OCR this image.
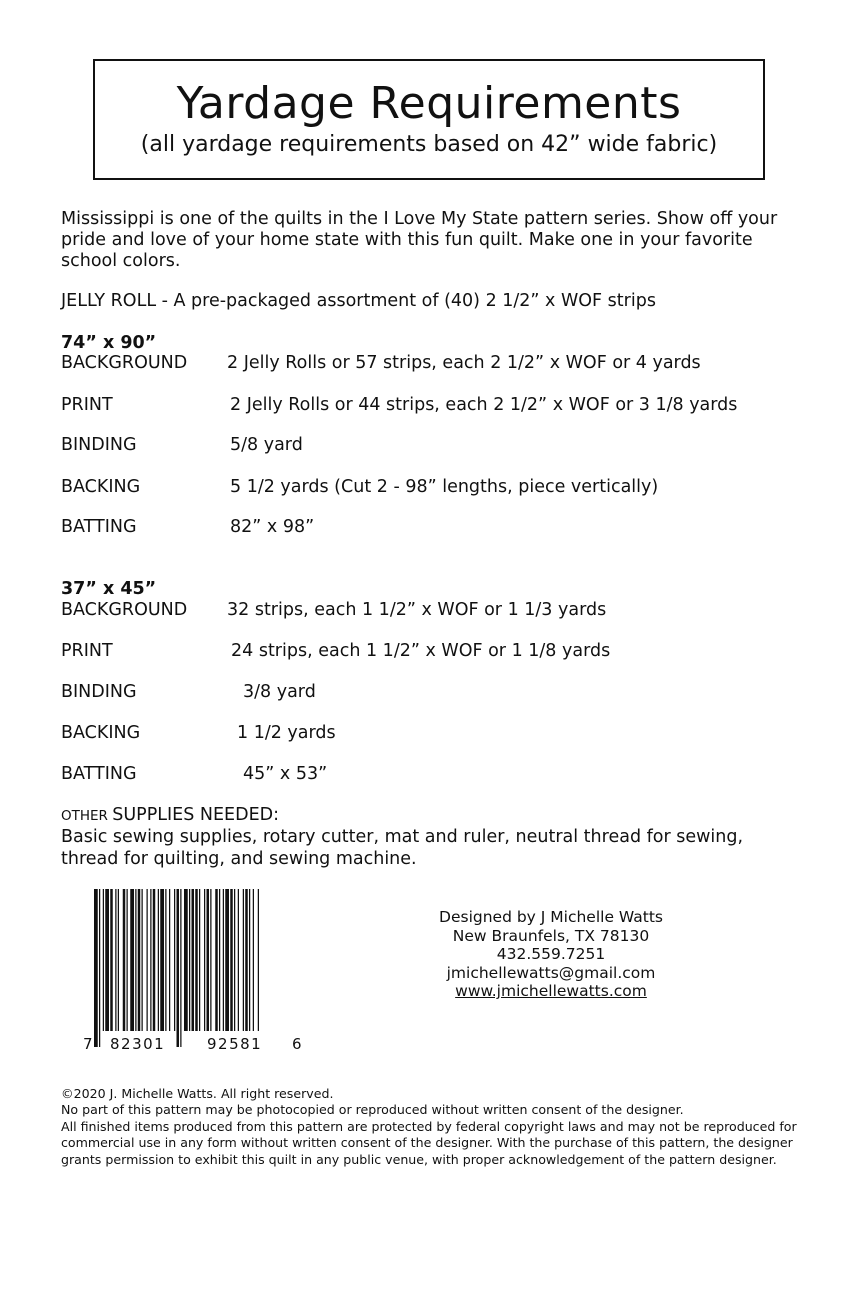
Yardage Requirements
(all yardage requirements based on 42” wide fabric)
Mississippi is one of the quilts in the I Love My State pattern series. Show off your pride and love of your home state with this fun quilt. Make one in your favorite school colors.
JELLY ROLL - A pre-packaged assortment of (40) 2 1/2” x WOF strips
74” x 90”
BACKGROUND 2 Jelly Rolls or 57 strips, each 2 1/2” x WOF or 4 yards
PRINT	2 Jelly Rolls or 44 strips, each 2 1/2” x WOF or 3 1/8 yards
BINDING	5/8 yard
BACKING	5 1/2 yards (Cut 2 - 98” lengths, piece vertically)
BATTING	82” x 98”
37” x 45”
BACKGROUND 32 strips, each 1 1/2” x WOF or 1 1/3 yards
PRINT	24 strips, each 1 1/2” x WOF or 1 1/8 yards
BINDING	3/8 yard
BACKING	1 1/2 yards
BATTING	45” x 53”
OTHER SUPPLIES NEEDED:
Basic sewing supplies, rotary cutter, mat and ruler, neutral thread for sewing, thread for quilting, and sewing machine.
7 82301	92581 6
Designed by J Michelle Watts
New Braunfels, TX 78130
432.559.7251
jmichellewatts@gmail.com
www.jmichellewatts.com
©2020 J. Michelle Watts. All right reserved.
No part of this pattern may be photocopied or reproduced without written consent of the designer.
All finished items produced from this pattern are protected by federal copyright laws and may not be reproduced for commercial use in any form without written consent of the designer. With the purchase of this pattern, the designer grants permission to exhibit this quilt in any public venue, with proper acknowledgement of the pattern designer.
